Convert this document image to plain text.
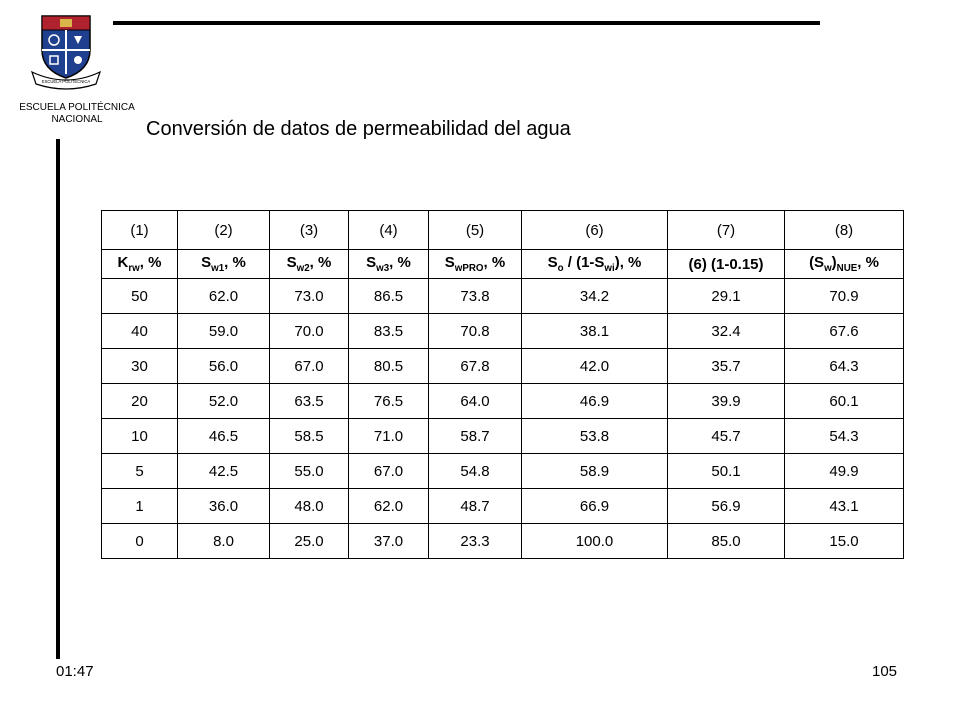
ESCUELA POLITÉCNICA
ESCUELA POLITÉCNICA
NACIONAL	Conversión de datos de permeabilidad del agua
(1)	(2)	(3)	(4)	(5)	(6)	(7)	(8)
$K_{rw}$, %	$S_{w1}$, %	$S_{w2}$, %	$S_{w3}$, %	$S_{wPRO}$, %	$S_o / (1-S_{wi})$, %	(6) (1-0.15)	$(S_w)_{NUE}$, %
50	62.0	73.0	86.5	73.8	34.2	29.1	70.9
40	59.0	70.0	83.5	70.8	38.1	32.4	67.6
30	56.0	67.0	80.5	67.8	42.0	35.7	64.3
20	52.0	63.5	76.5	64.0	46.9	39.9	60.1
10	46.5	58.5	71.0	58.7	53.8	45.7	54.3
5	42.5	55.0	67.0	54.8	58.9	50.1	49.9
1	36.0	48.0	62.0	48.7	66.9	56.9	43.1
0	8.0	25.0	37.0	23.3	100.0	85.0	15.0
01:47	105
